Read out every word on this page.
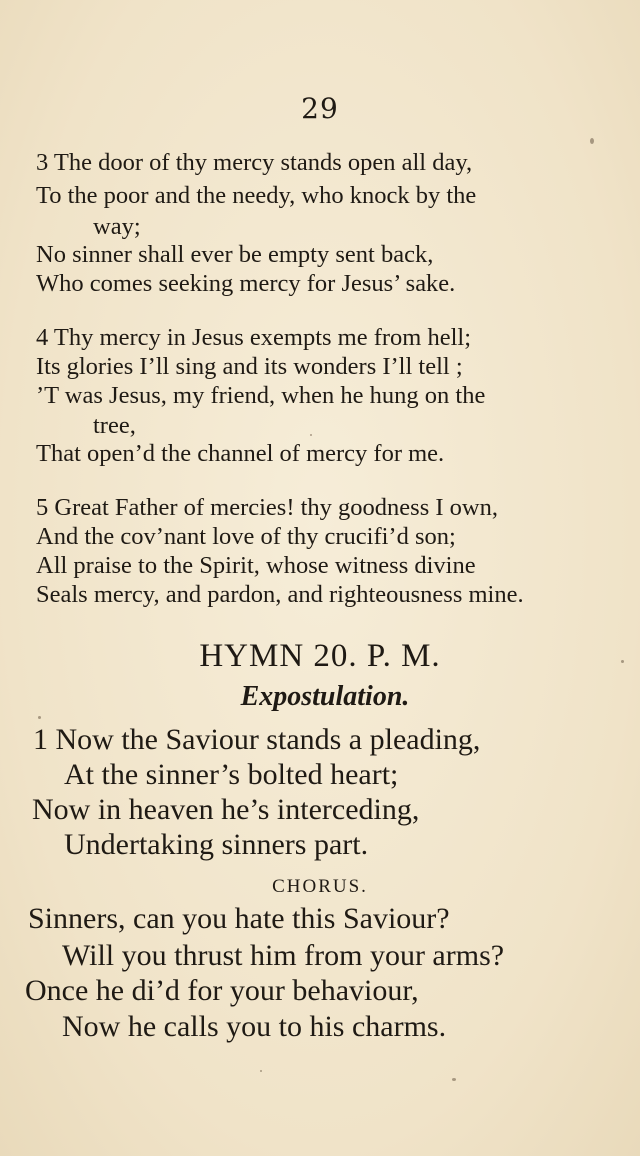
29
3 The door of thy mercy stands open all day,
To the poor and the needy, who knock by the
way;
No sinner shall ever be empty sent back,
Who comes seeking mercy for Jesus’ sake.
4 Thy mercy in Jesus exempts me from hell;
Its glories I’ll sing and its wonders I’ll tell ;
’T was Jesus, my friend, when he hung on the
tree,
That open’d the channel of mercy for me.
5 Great Father of mercies! thy goodness I own,
And the cov’nant love of thy crucifi’d son;
All praise to the Spirit, whose witness divine
Seals mercy, and pardon, and righteousness mine.
HYMN 20. P. M.
Expostulation.
1 Now the Saviour stands a pleading,
At the sinner’s bolted heart;
Now in heaven he’s interceding,
Undertaking sinners part.
CHORUS.
Sinners, can you hate this Saviour?
Will you thrust him from your arms?
Once he di’d for your behaviour,
Now he calls you to his charms.
